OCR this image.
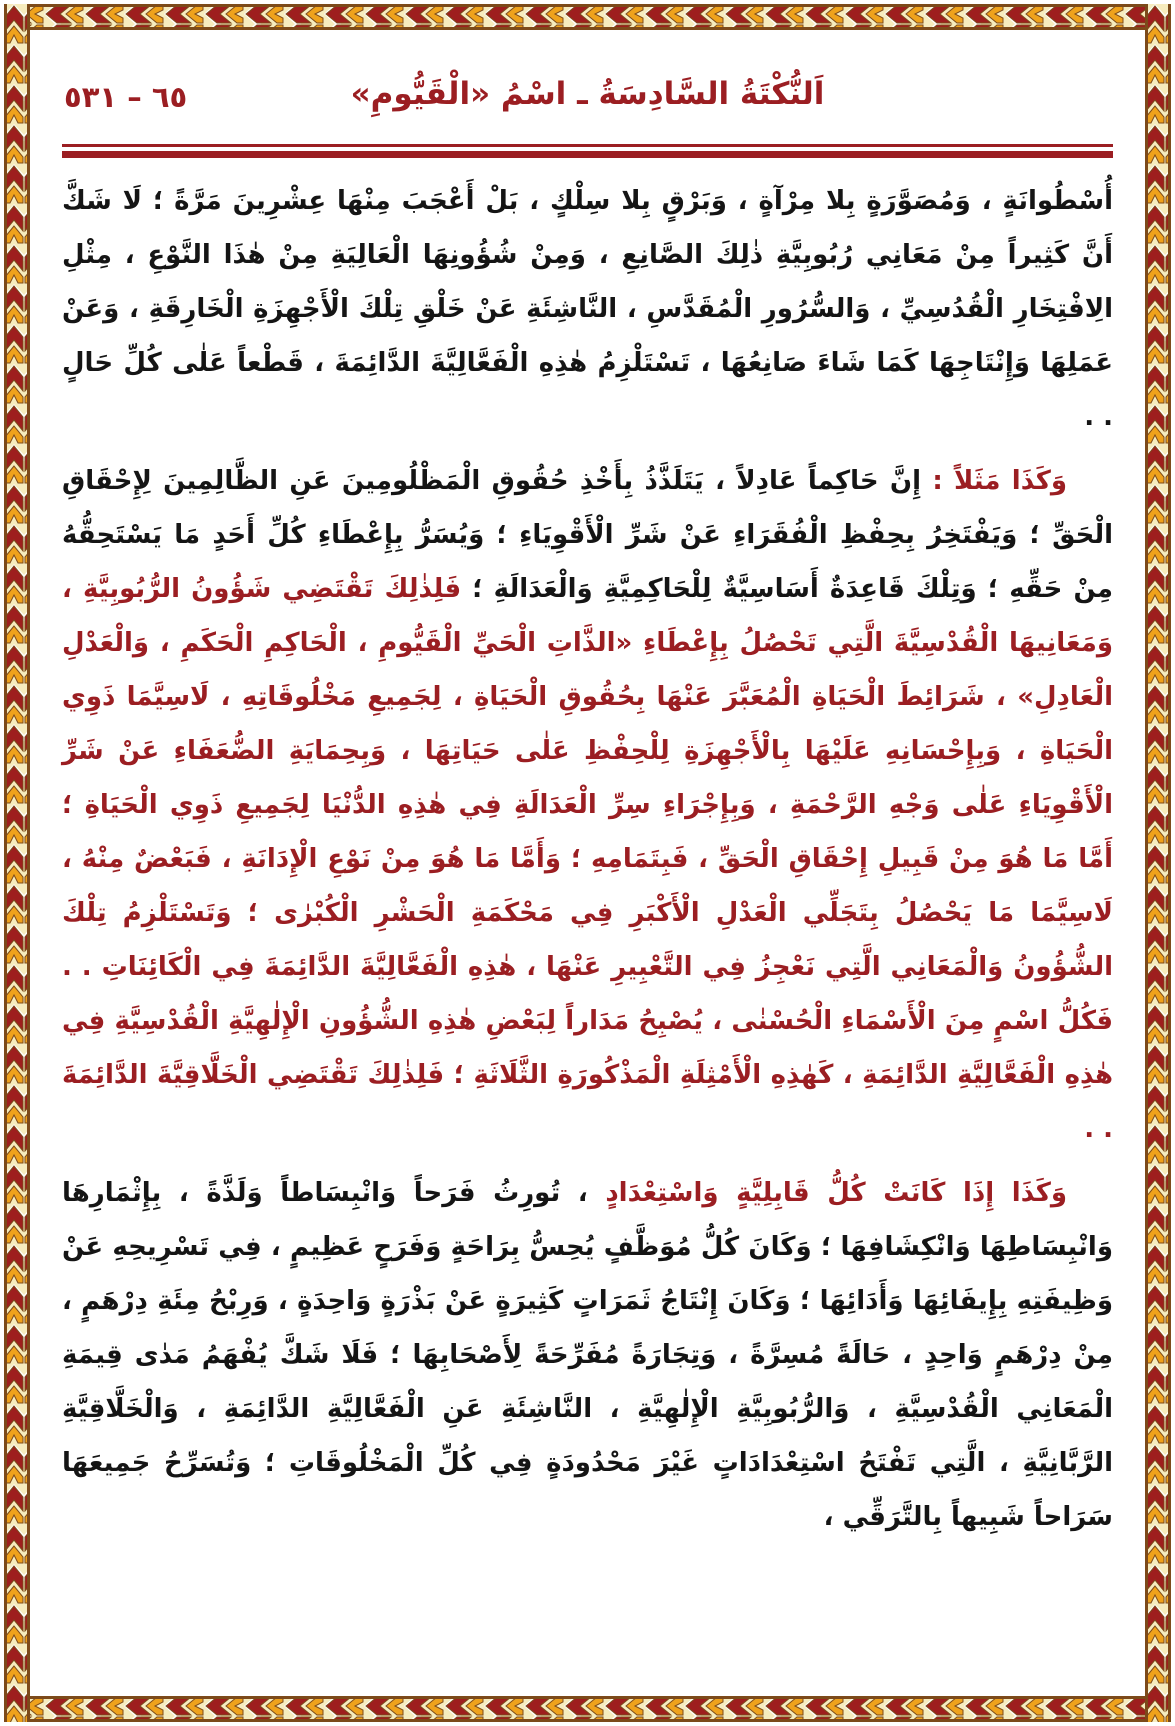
٦٥ – ٥٣١	اَلنُّكْتَةُ السَّادِسَةُ ـ اسْمُ «الْقَيُّومِ»

أُسْطُوانَةٍ ، وَمُصَوَّرَةٍ بِلا مِرْآةٍ ، وَبَرْقٍ بِلا سِلْكٍ ، بَلْ أَعْجَبَ مِنْهَا عِشْرِينَ مَرَّةً ؛ لَا شَكَّ أَنَّ كَثِيراً مِنْ مَعَانِي رُبُوبِيَّةِ ذٰلِكَ الصَّانِعِ ، وَمِنْ شُؤُونِهَا الْعَالِيَةِ مِنْ هٰذَا النَّوْعِ ، مِثْلِ الِافْتِخَارِ الْقُدُسِيِّ ، وَالسُّرُورِ الْمُقَدَّسِ ، النَّاشِئَةِ عَنْ خَلْقِ تِلْكَ الْأَجْهِزَةِ الْخَارِقَةِ ، وَعَنْ عَمَلِهَا وَإِنْتَاجِهَا كَمَا شَاءَ صَانِعُهَا ، تَسْتَلْزِمُ هٰذِهِ الْفَعَّالِيَّةَ الدَّائِمَةَ ، قَطْعاً عَلٰى كُلِّ حَالٍ . .

وَكَذَا مَثَلاً : إِنَّ حَاكِماً عَادِلاً ، يَتَلَذَّذُ بِأَخْذِ حُقُوقِ الْمَظْلُومِينَ عَنِ الظَّالِمِينَ لِإِحْقَاقِ الْحَقِّ ؛ وَيَفْتَخِرُ بِحِفْظِ الْفُقَرَاءِ عَنْ شَرِّ الْأَقْوِيَاءِ ؛ وَيُسَرُّ بِإِعْطَاءِ كُلِّ أَحَدٍ مَا يَسْتَحِقُّهُ مِنْ حَقِّهِ ؛ وَتِلْكَ قَاعِدَةٌ أَسَاسِيَّةٌ لِلْحَاكِمِيَّةِ وَالْعَدَالَةِ ؛ فَلِذٰلِكَ تَقْتَضِي شَؤُونُ الرُّبُوبِيَّةِ ، وَمَعَانِيهَا الْقُدْسِيَّةَ الَّتِي تَحْصُلُ بِإِعْطَاءِ «الذَّاتِ الْحَيِّ الْقَيُّومِ ، الْحَاكِمِ الْحَكَمِ ، وَالْعَدْلِ الْعَادِلِ» ، شَرَائِطَ الْحَيَاةِ الْمُعَبَّرَ عَنْهَا بِحُقُوقِ الْحَيَاةِ ، لِجَمِيعِ مَخْلُوقَاتِهِ ، لَاسِيَّمَا ذَوِي الْحَيَاةِ ، وَبِإِحْسَانِهِ عَلَيْهَا بِالْأَجْهِزَةِ لِلْحِفْظِ عَلٰى حَيَاتِهَا ، وَبِحِمَايَةِ الضُّعَفَاءِ عَنْ شَرِّ الْأَقْوِيَاءِ عَلٰى وَجْهِ الرَّحْمَةِ ، وَبِإِجْرَاءِ سِرِّ الْعَدَالَةِ فِي هٰذِهِ الدُّنْيَا لِجَمِيعِ ذَوِي الْحَيَاةِ ؛ أَمَّا مَا هُوَ مِنْ قَبِيلِ إِحْقَاقِ الْحَقِّ ، فَبِتَمَامِهِ ؛ وَأَمَّا مَا هُوَ مِنْ نَوْعِ الْإِدَانَةِ ، فَبَعْضٌ مِنْهُ ، لَاسِيَّمَا مَا يَحْصُلُ بِتَجَلِّي الْعَدْلِ الْأَكْبَرِ فِي مَحْكَمَةِ الْحَشْرِ الْكُبْرٰى ؛ وَتَسْتَلْزِمُ تِلْكَ الشُّؤُونُ وَالْمَعَانِي الَّتِي نَعْجِزُ فِي التَّعْبِيرِ عَنْهَا ، هٰذِهِ الْفَعَّالِيَّةَ الدَّائِمَةَ فِي الْكَائِنَاتِ . . فَكُلُّ اسْمٍ مِنَ الْأَسْمَاءِ الْحُسْنٰى ، يُصْبِحُ مَدَاراً لِبَعْضِ هٰذِهِ الشُّؤُونِ الْإِلٰهِيَّةِ الْقُدْسِيَّةِ فِي هٰذِهِ الْفَعَّالِيَّةِ الدَّائِمَةِ ، كَهٰذِهِ الْأَمْثِلَةِ الْمَذْكُورَةِ الثَّلَاثَةِ ؛ فَلِذٰلِكَ تَقْتَضِي الْخَلَّاقِيَّةَ الدَّائِمَةَ . .

وَكَذَا إِذَا كَانَتْ كُلُّ قَابِلِيَّةٍ وَاسْتِعْدَادٍ ، تُورِثُ فَرَحاً وَانْبِسَاطاً وَلَذَّةً ، بِإِثْمَارِهَا وَانْبِسَاطِهَا وَانْكِشَافِهَا ؛ وَكَانَ كُلُّ مُوَظَّفٍ يُحِسُّ بِرَاحَةٍ وَفَرَحٍ عَظِيمٍ ، فِي تَسْرِيحِهِ عَنْ وَظِيفَتِهِ بِإِيفَائِهَا وَأَدَائِهَا ؛ وَكَانَ إِنْتَاجُ ثَمَرَاتٍ كَثِيرَةٍ عَنْ بَذْرَةٍ وَاحِدَةٍ ، وَرِبْحُ مِئَةِ دِرْهَمٍ ، مِنْ دِرْهَمٍ وَاحِدٍ ، حَالَةً مُسِرَّةً ، وَتِجَارَةً مُفَرِّحَةً لِأَصْحَابِهَا ؛ فَلَا شَكَّ يُفْهَمُ مَدٰى قِيمَةِ الْمَعَانِي الْقُدْسِيَّةِ ، وَالرُّبُوبِيَّةِ الْإِلٰهِيَّةِ ، النَّاشِئَةِ عَنِ الْفَعَّالِيَّةِ الدَّائِمَةِ ، وَالْخَلَّاقِيَّةِ الرَّبَّانِيَّةِ ، الَّتِي تَفْتَحُ اسْتِعْدَادَاتٍ غَيْرَ مَحْدُودَةٍ فِي كُلِّ الْمَخْلُوقَاتِ ؛ وَتُسَرِّحُ جَمِيعَهَا سَرَاحاً شَبِيهاً بِالتَّرَقِّي ،
